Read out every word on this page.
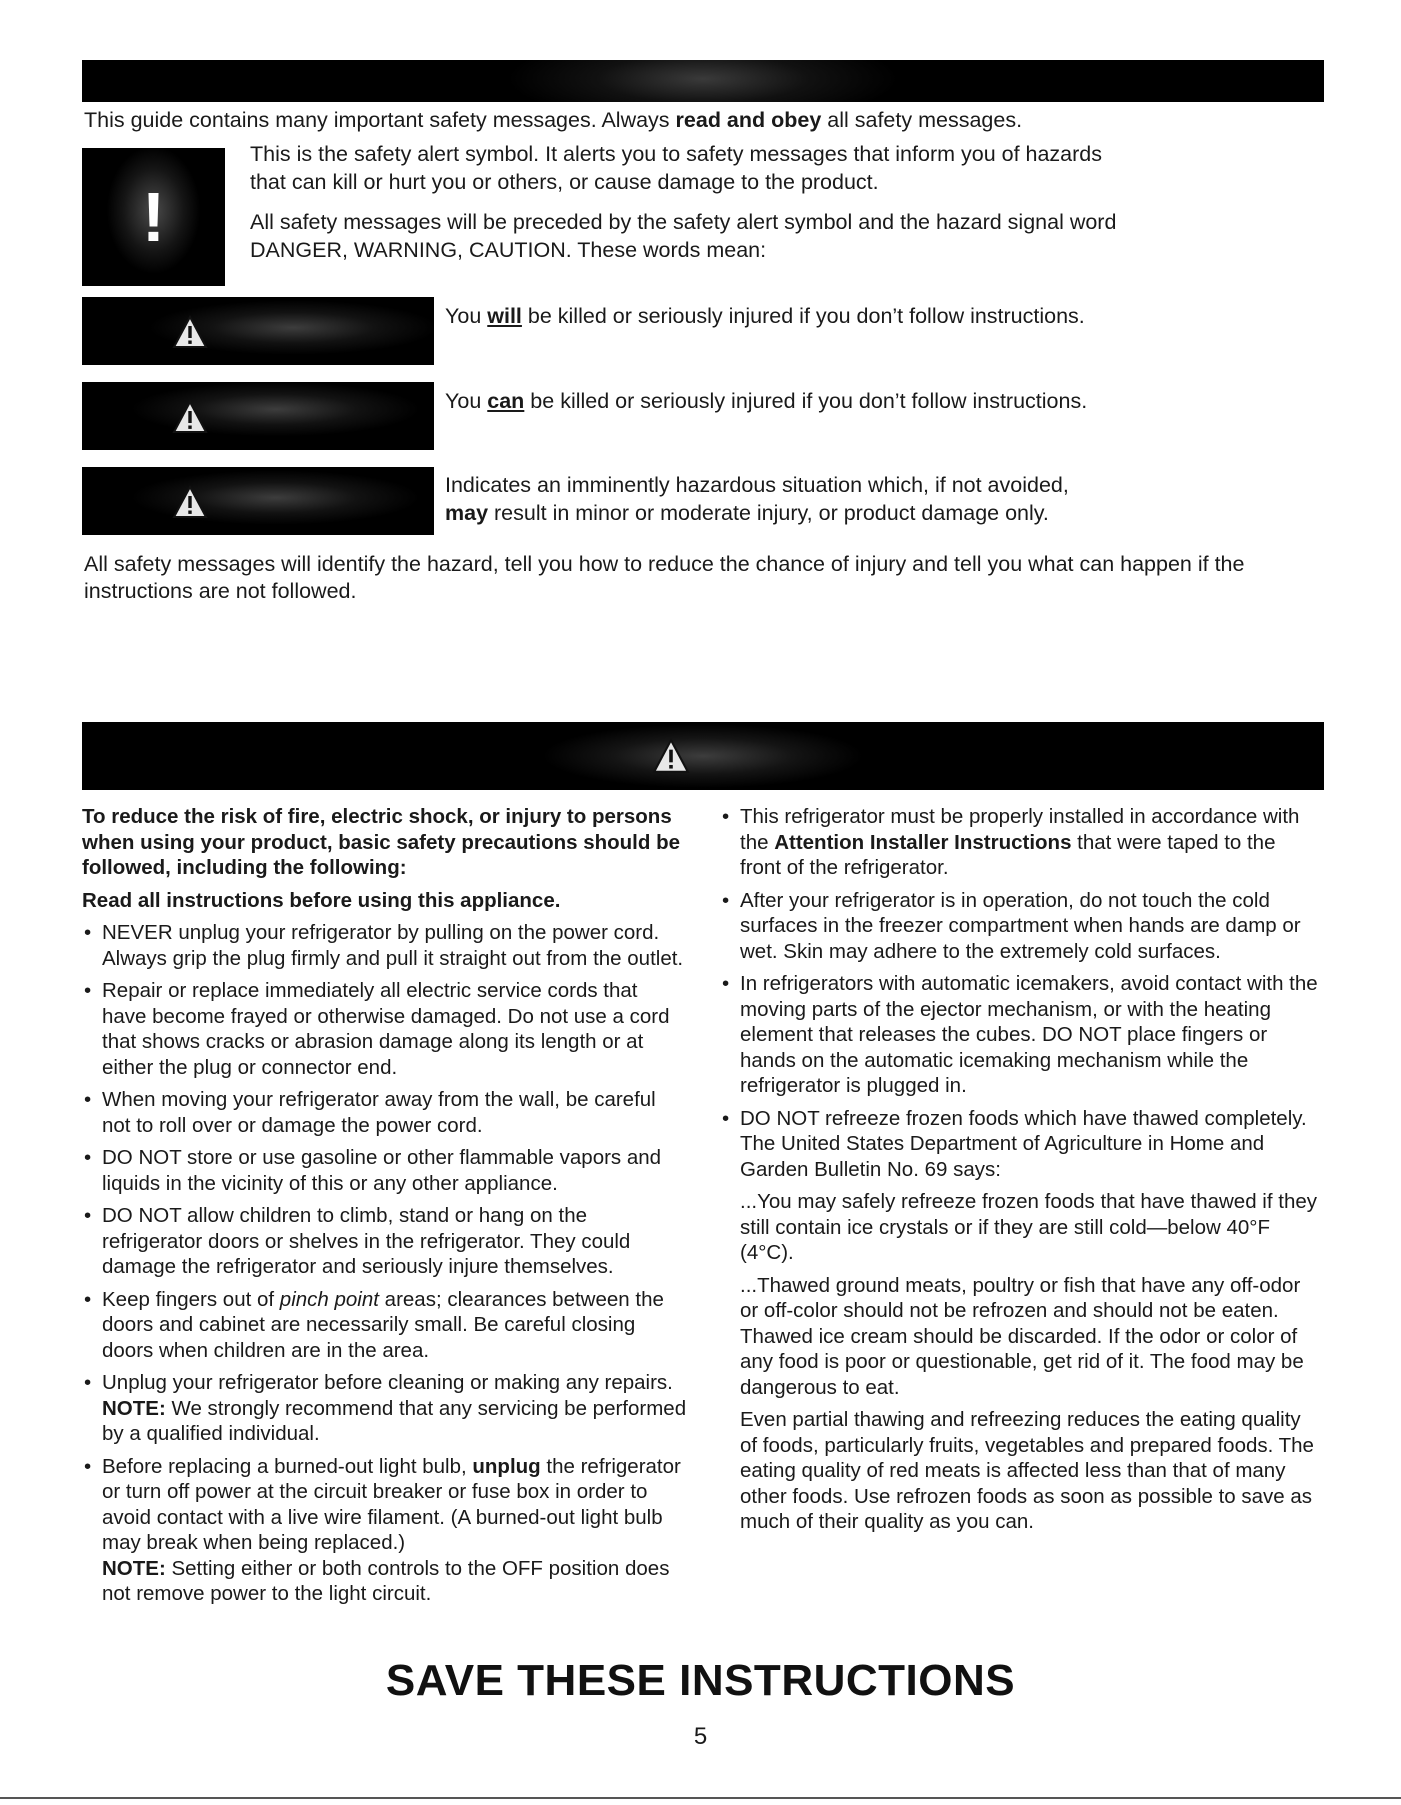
This guide contains many important safety messages. Always read and obey all safety messages.
!
This is the safety alert symbol. It alerts you to safety messages that inform you of hazards that can kill or hurt you or others, or cause damage to the product.
All safety messages will be preceded by the safety alert symbol and the hazard signal word DANGER, WARNING, CAUTION. These words mean:
You will be killed or seriously injured if you don’t follow instructions.
You can be killed or seriously injured if you don’t follow instructions.
Indicates an imminently hazardous situation which, if not avoided,
may result in minor or moderate injury, or product damage only.
All safety messages will identify the hazard, tell you how to reduce the chance of injury and tell you what can happen if the instructions are not followed.

To reduce the risk of fire, electric shock, or injury to persons when using your product, basic safety precautions should be followed, including the following:

Read all instructions before using this appliance.

• NEVER unplug your refrigerator by pulling on the power cord. Always grip the plug firmly and pull it straight out from the outlet.
• Repair or replace immediately all electric service cords that have become frayed or otherwise damaged. Do not use a cord that shows cracks or abrasion damage along its length or at either the plug or connector end.
• When moving your refrigerator away from the wall, be careful not to roll over or damage the power cord.
• DO NOT store or use gasoline or other flammable vapors and liquids in the vicinity of this or any other appliance.
• DO NOT allow children to climb, stand or hang on the refrigerator doors or shelves in the refrigerator. They could damage the refrigerator and seriously injure themselves.
• Keep fingers out of pinch point areas; clearances between the doors and cabinet are necessarily small. Be careful closing doors when children are in the area.
• Unplug your refrigerator before cleaning or making any repairs.
NOTE: We strongly recommend that any servicing be performed by a qualified individual.
• Before replacing a burned-out light bulb, unplug the refrigerator or turn off power at the circuit breaker or fuse box in order to avoid contact with a live wire filament. (A burned-out light bulb may break when being replaced.)
NOTE: Setting either or both controls to the OFF position does not remove power to the light circuit.
• This refrigerator must be properly installed in accordance with the Attention Installer Instructions that were taped to the front of the refrigerator.
• After your refrigerator is in operation, do not touch the cold surfaces in the freezer compartment when hands are damp or wet. Skin may adhere to the extremely cold surfaces.
• In refrigerators with automatic icemakers, avoid contact with the moving parts of the ejector mechanism, or with the heating element that releases the cubes. DO NOT place fingers or hands on the automatic icemaking mechanism while the refrigerator is plugged in.
• DO NOT refreeze frozen foods which have thawed completely. The United States Department of Agriculture in Home and Garden Bulletin No. 69 says:

...You may safely refreeze frozen foods that have thawed if they still contain ice crystals or if they are still cold—below 40°F (4°C).

...Thawed ground meats, poultry or fish that have any off-odor or off-color should not be refrozen and should not be eaten. Thawed ice cream should be discarded. If the odor or color of any food is poor or questionable, get rid of it. The food may be dangerous to eat.

Even partial thawing and refreezing reduces the eating quality of foods, particularly fruits, vegetables and prepared foods. The eating quality of red meats is affected less than that of many other foods. Use refrozen foods as soon as possible to save as much of their quality as you can.

SAVE THESE INSTRUCTIONS
5
